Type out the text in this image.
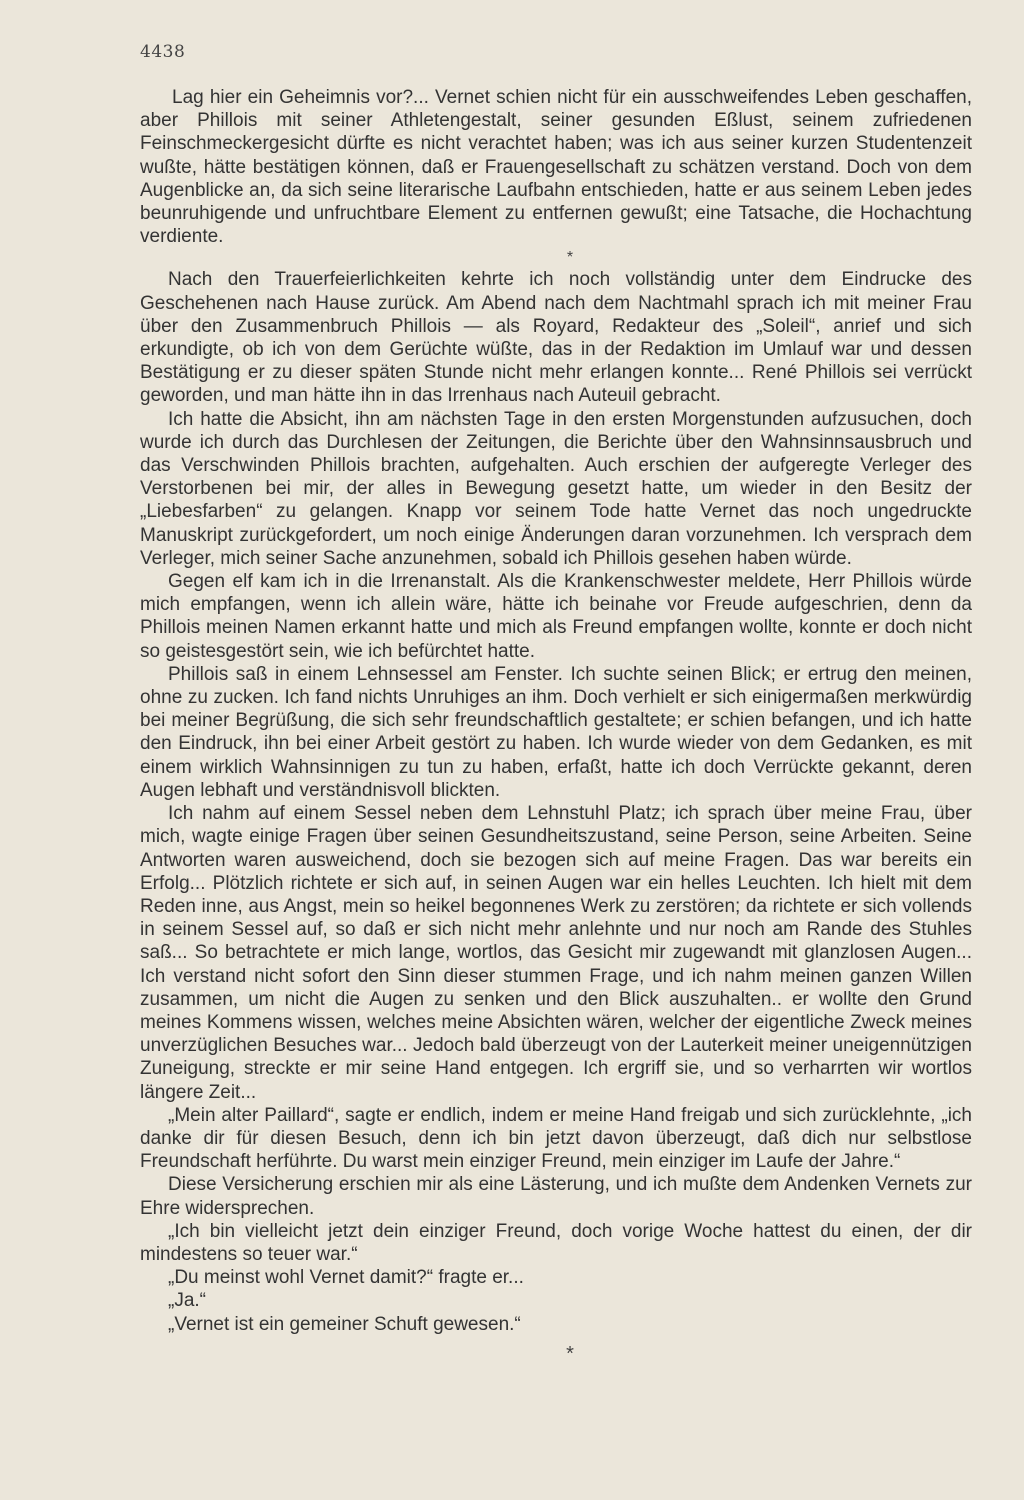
4438

Lag hier ein Geheimnis vor?... Vernet schien nicht für ein ausschweifendes Leben geschaffen, aber Phillois mit seiner Athletengestalt, seiner gesunden Eßlust, seinem zufriedenen Feinschmeckergesicht dürfte es nicht verachtet haben; was ich aus seiner kurzen Studentenzeit wußte, hätte bestätigen können, daß er Frauengesellschaft zu schätzen verstand. Doch von dem Augenblicke an, da sich seine literarische Laufbahn entschieden, hatte er aus seinem Leben jedes beunruhigende und unfruchtbare Element zu entfernen gewußt; eine Tatsache, die Hochachtung verdiente.

*

Nach den Trauerfeierlichkeiten kehrte ich noch vollständig unter dem Eindrucke des Geschehenen nach Hause zurück. Am Abend nach dem Nachtmahl sprach ich mit meiner Frau über den Zusammenbruch Phillois — als Royard, Redakteur des „Soleil“, anrief und sich erkundigte, ob ich von dem Gerüchte wüßte, das in der Redaktion im Umlauf war und dessen Bestätigung er zu dieser späten Stunde nicht mehr erlangen konnte... René Phillois sei verrückt geworden, und man hätte ihn in das Irrenhaus nach Auteuil gebracht.

Ich hatte die Absicht, ihn am nächsten Tage in den ersten Morgenstunden aufzusuchen, doch wurde ich durch das Durchlesen der Zeitungen, die Berichte über den Wahnsinnsausbruch und das Verschwinden Phillois brachten, aufgehalten. Auch erschien der aufgeregte Verleger des Verstorbenen bei mir, der alles in Bewegung gesetzt hatte, um wieder in den Besitz der „Liebesfarben“ zu gelangen. Knapp vor seinem Tode hatte Vernet das noch ungedruckte Manuskript zurückgefordert, um noch einige Änderungen daran vorzunehmen. Ich versprach dem Verleger, mich seiner Sache anzunehmen, sobald ich Phillois gesehen haben würde.

Gegen elf kam ich in die Irrenanstalt. Als die Krankenschwester meldete, Herr Phillois würde mich empfangen, wenn ich allein wäre, hätte ich beinahe vor Freude aufgeschrien, denn da Phillois meinen Namen erkannt hatte und mich als Freund empfangen wollte, konnte er doch nicht so geistesgestört sein, wie ich befürchtet hatte.

Phillois saß in einem Lehnsessel am Fenster. Ich suchte seinen Blick; er ertrug den meinen, ohne zu zucken. Ich fand nichts Unruhiges an ihm. Doch verhielt er sich einigermaßen merkwürdig bei meiner Begrüßung, die sich sehr freundschaftlich gestaltete; er schien befangen, und ich hatte den Eindruck, ihn bei einer Arbeit gestört zu haben. Ich wurde wieder von dem Gedanken, es mit einem wirklich Wahnsinnigen zu tun zu haben, erfaßt, hatte ich doch Verrückte gekannt, deren Augen lebhaft und verständnisvoll blickten.

Ich nahm auf einem Sessel neben dem Lehnstuhl Platz; ich sprach über meine Frau, über mich, wagte einige Fragen über seinen Gesundheitszustand, seine Person, seine Arbeiten. Seine Antworten waren ausweichend, doch sie bezogen sich auf meine Fragen. Das war bereits ein Erfolg... Plötzlich richtete er sich auf, in seinen Augen war ein helles Leuchten. Ich hielt mit dem Reden inne, aus Angst, mein so heikel begonnenes Werk zu zerstören; da richtete er sich vollends in seinem Sessel auf, so daß er sich nicht mehr anlehnte und nur noch am Rande des Stuhles saß... So betrachtete er mich lange, wortlos, das Gesicht mir zugewandt mit glanzlosen Augen... Ich verstand nicht sofort den Sinn dieser stummen Frage, und ich nahm meinen ganzen Willen zusammen, um nicht die Augen zu senken und den Blick auszuhalten.. er wollte den Grund meines Kommens wissen, welches meine Absichten wären, welcher der eigentliche Zweck meines unverzüglichen Besuches war... Jedoch bald überzeugt von der Lauterkeit meiner uneigennützigen Zuneigung, streckte er mir seine Hand entgegen. Ich ergriff sie, und so verharrten wir wortlos längere Zeit...

„Mein alter Paillard“, sagte er endlich, indem er meine Hand freigab und sich zurücklehnte, „ich danke dir für diesen Besuch, denn ich bin jetzt davon überzeugt, daß dich nur selbstlose Freundschaft herführte. Du warst mein einziger Freund, mein einziger im Laufe der Jahre.“

Diese Versicherung erschien mir als eine Lästerung, und ich mußte dem Andenken Vernets zur Ehre widersprechen.

„Ich bin vielleicht jetzt dein einziger Freund, doch vorige Woche hattest du einen, der dir mindestens so teuer war.“

„Du meinst wohl Vernet damit?“ fragte er...

„Ja.“

„Vernet ist ein gemeiner Schuft gewesen.“

*
